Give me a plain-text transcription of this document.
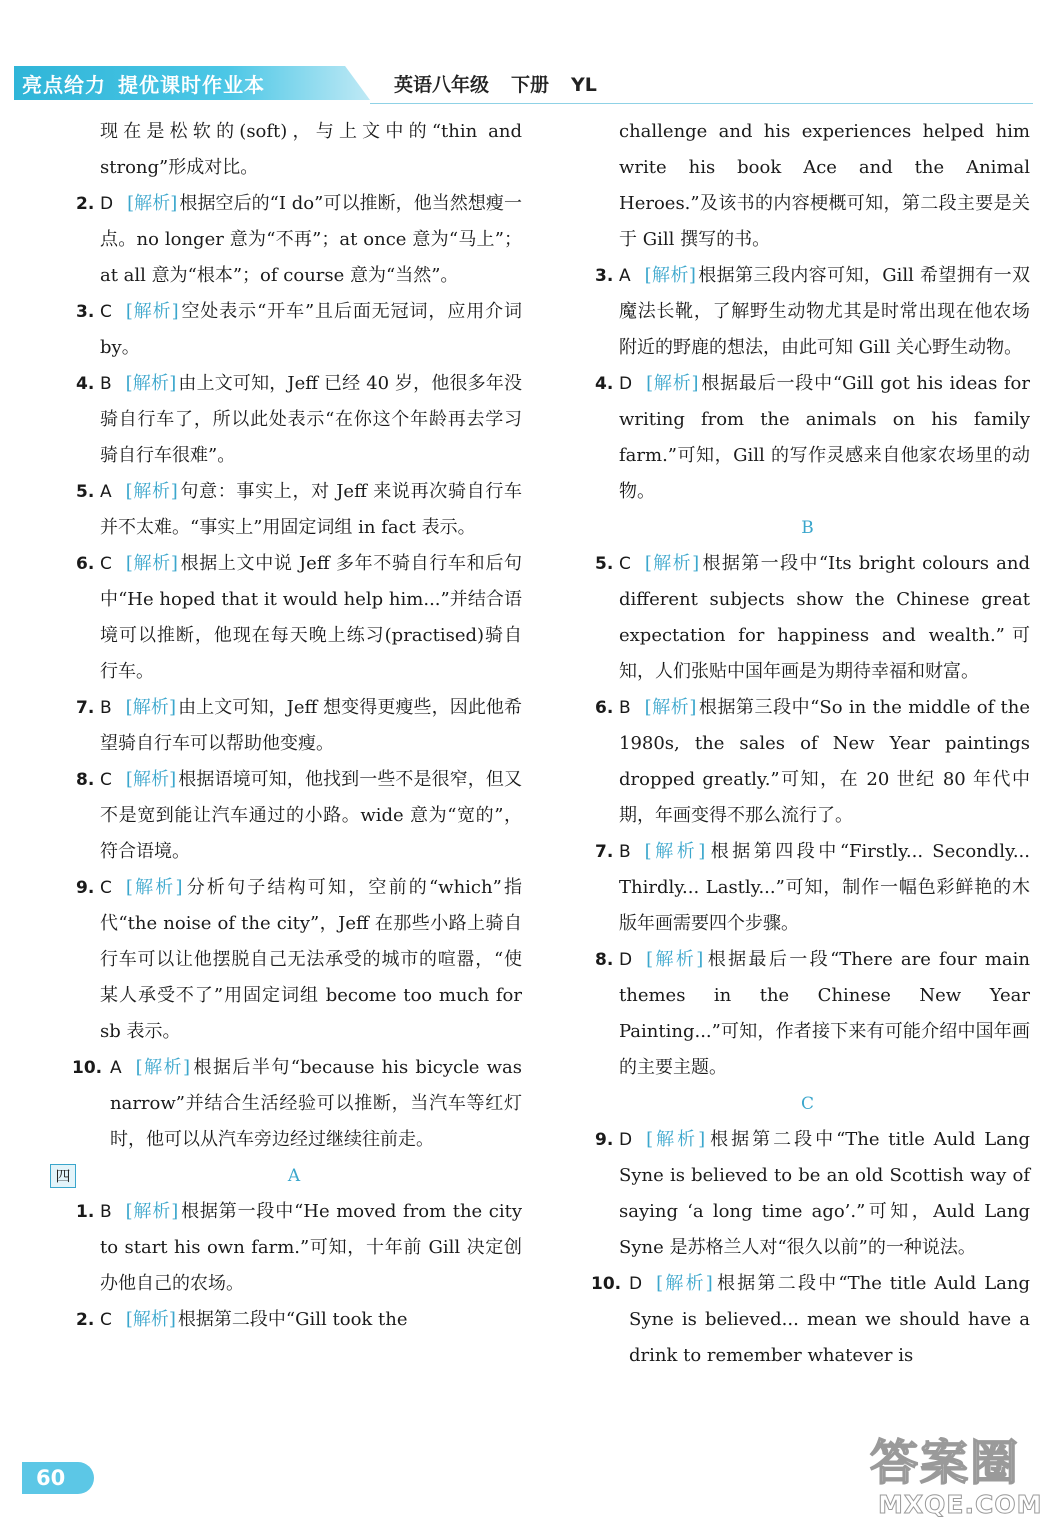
亮点给力 提优课时作业本	英语八年级 下册 YL
现在是松软的(soft)，与上文中的“thin and strong”形成对比。
2. D [解析] 根据空后的“I do”可以推断，他当然想瘦一点。no longer 意为“不再”；at once 意为“马上”；at all 意为“根本”；of course 意为“当然”。
3. C [解析] 空处表示“开车”且后面无冠词，应用介词 by。
4. B [解析] 由上文可知，Jeff 已经 40 岁，他很多年没骑自行车了，所以此处表示“在你这个年龄再去学习骑自行车很难”。
5. A [解析] 句意：事实上，对 Jeff 来说再次骑自行车并不太难。“事实上”用固定词组 in fact 表示。
6. C [解析] 根据上文中说 Jeff 多年不骑自行车和后句中“He hoped that it would help him...”并结合语境可以推断，他现在每天晚上练习(practised)骑自行车。
7. B [解析] 由上文可知，Jeff 想变得更瘦些，因此他希望骑自行车可以帮助他变瘦。
8. C [解析] 根据语境可知，他找到一些不是很窄，但又不是宽到能让汽车通过的小路。wide 意为“宽的”，符合语境。
9. C [解析] 分析句子结构可知，空前的“which”指代“the noise of the city”，Jeff 在那些小路上骑自行车可以让他摆脱自己无法承受的城市的喧嚣，“使某人承受不了”用固定词组 become too much for sb 表示。
10. A [解析] 根据后半句“because his bicycle was narrow”并结合生活经验可以推断，当汽车等红灯时，他可以从汽车旁边经过继续往前走。
四	A
1. B [解析] 根据第一段中“He moved from the city to start his own farm.”可知，十年前 Gill 决定创办他自己的农场。
2. C [解析] 根据第二段中“Gill took the
challenge and his experiences helped him write his book Ace and the Animal Heroes.”及该书的内容梗概可知，第二段主要是关于 Gill 撰写的书。
3. A [解析] 根据第三段内容可知，Gill 希望拥有一双魔法长靴，了解野生动物尤其是时常出现在他农场附近的野鹿的想法，由此可知 Gill 关心野生动物。
4. D [解析] 根据最后一段中“Gill got his ideas for writing from the animals on his family farm.”可知，Gill 的写作灵感来自他家农场里的动物。
B
5. C [解析] 根据第一段中“Its bright colours and different subjects show the Chinese great expectation for happiness and wealth.”可知，人们张贴中国年画是为期待幸福和财富。
6. B [解析] 根据第三段中“So in the middle of the 1980s, the sales of New Year paintings dropped greatly.”可知，在 20 世纪 80 年代中期，年画变得不那么流行了。
7. B [解析] 根据第四段中“Firstly... Secondly... Thirdly... Lastly...”可知，制作一幅色彩鲜艳的木版年画需要四个步骤。
8. D [解析] 根据最后一段“There are four main themes in the Chinese New Year Painting...”可知，作者接下来有可能介绍中国年画的主要主题。
C
9. D [解析] 根据第二段中“The title Auld Lang Syne is believed to be an old Scottish way of saying ‘a long time ago’.”可知，Auld Lang Syne 是苏格兰人对“很久以前”的一种说法。
10. D [解析] 根据第二段中“The title Auld Lang Syne is believed... mean we should have a drink to remember whatever is
60	答案圈
MXQE.COM
